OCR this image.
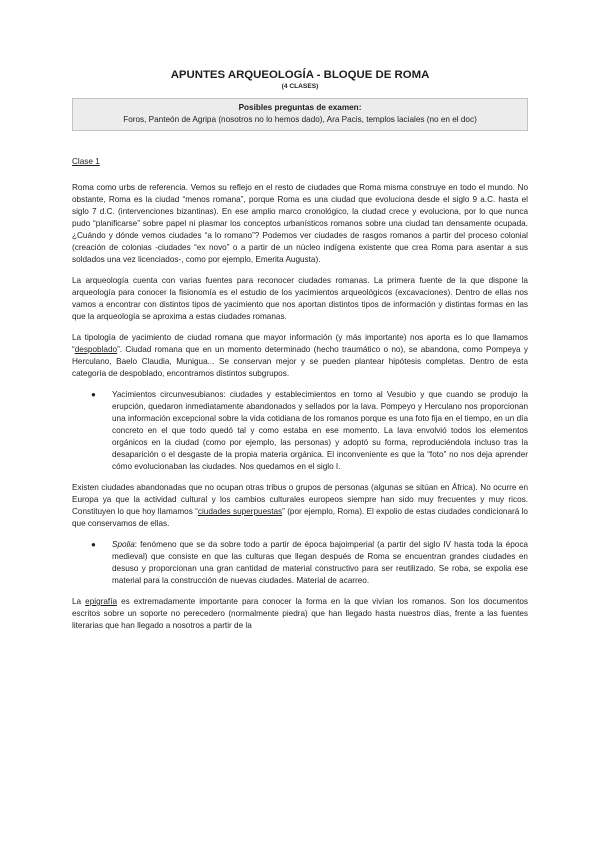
APUNTES ARQUEOLOGÍA - BLOQUE DE ROMA
(4 CLASES)
Posibles preguntas de examen:
Foros, Panteón de Agripa (nosotros no lo hemos dado), Ara Pacis, templos laciales (no en el doc)
Clase 1

Roma como urbs de referencia. Vemos su reflejo en el resto de ciudades que Roma misma construye en todo el mundo. No obstante, Roma es la ciudad “menos romana”, porque Roma es una ciudad que evoluciona desde el siglo 9 a.C. hasta el siglo 7 d.C. (intervenciones bizantinas). En ese amplio marco cronológico, la ciudad crece y evoluciona, por lo que nunca pudo “planificarse” sobre papel ni plasmar los conceptos urbanísticos romanos sobre una ciudad tan densamente ocupada. ¿Cuándo y dónde vemos ciudades “a lo romano”? Podemos ver ciudades de rasgos romanos a partir del proceso colonial (creación de colonias -ciudades “ex novo” o a partir de un núcleo indígena existente que crea Roma para asentar a sus soldados una vez licenciados-, como por ejemplo, Emerita Augusta).

La arqueología cuenta con varias fuentes para reconocer ciudades romanas. La primera fuente de la que dispone la arqueología para conocer la fisionomía es el estudio de los yacimientos arqueológicos (excavaciones). Dentro de ellas nos vamos a encontrar con distintos tipos de yacimiento que nos aportan distintos tipos de información y distintas formas en las que la arqueología se aproxima a estas ciudades romanas.

La tipología de yacimiento de ciudad romana que mayor información (y más importante) nos aporta es lo que llamamos “despoblado”. Ciudad romana que en un momento determinado (hecho traumático o no), se abandona, como Pompeya y Herculano, Baelo Claudia, Munigua... Se conservan mejor y se pueden plantear hipótesis completas. Dentro de esta categoría de despoblado, encontramos distintos subgrupos.

● Yacimientos circunvesubianos: ciudades y establecimientos en torno al Vesubio y que cuando se produjo la erupción, quedaron inmediatamente abandonados y sellados por la lava. Pompeyo y Herculano nos proporcionan una información excepcional sobre la vida cotidiana de los romanos porque es una foto fija en el tiempo, en un día concreto en el que todo quedó tal y como estaba en ese momento. La lava envolvió todos los elementos orgánicos en la ciudad (como por ejemplo, las personas) y adoptó su forma, reproduciéndola incluso tras la desaparición o el desgaste de la propia materia orgánica. El inconveniente es que la “foto” no nos deja aprender cómo evolucionaban las ciudades. Nos quedamos en el siglo I.

Existen ciudades abandonadas que no ocupan otras tribus o grupos de personas (algunas se sitúan en África). No ocurre en Europa ya que la actividad cultural y los cambios culturales europeos siempre han sido muy frecuentes y muy ricos. Constituyen lo que hoy llamamos “ciudades superpuestas” (por ejemplo, Roma). El expolio de estas ciudades condicionará lo que conservamos de ellas.

● Spolia: fenómeno que se da sobre todo a partir de época bajoimperial (a partir del siglo IV hasta toda la época medieval) que consiste en que las culturas que llegan después de Roma se encuentran grandes ciudades en desuso y proporcionan una gran cantidad de material constructivo para ser reutilizado. Se roba, se expolia ese material para la construcción de nuevas ciudades. Material de acarreo.

La epigrafía es extremadamente importante para conocer la forma en la que vivían los romanos. Son los documentos escritos sobre un soporte no perecedero (normalmente piedra) que han llegado hasta nuestros días, frente a las fuentes literarias que han llegado a nosotros a partir de la
